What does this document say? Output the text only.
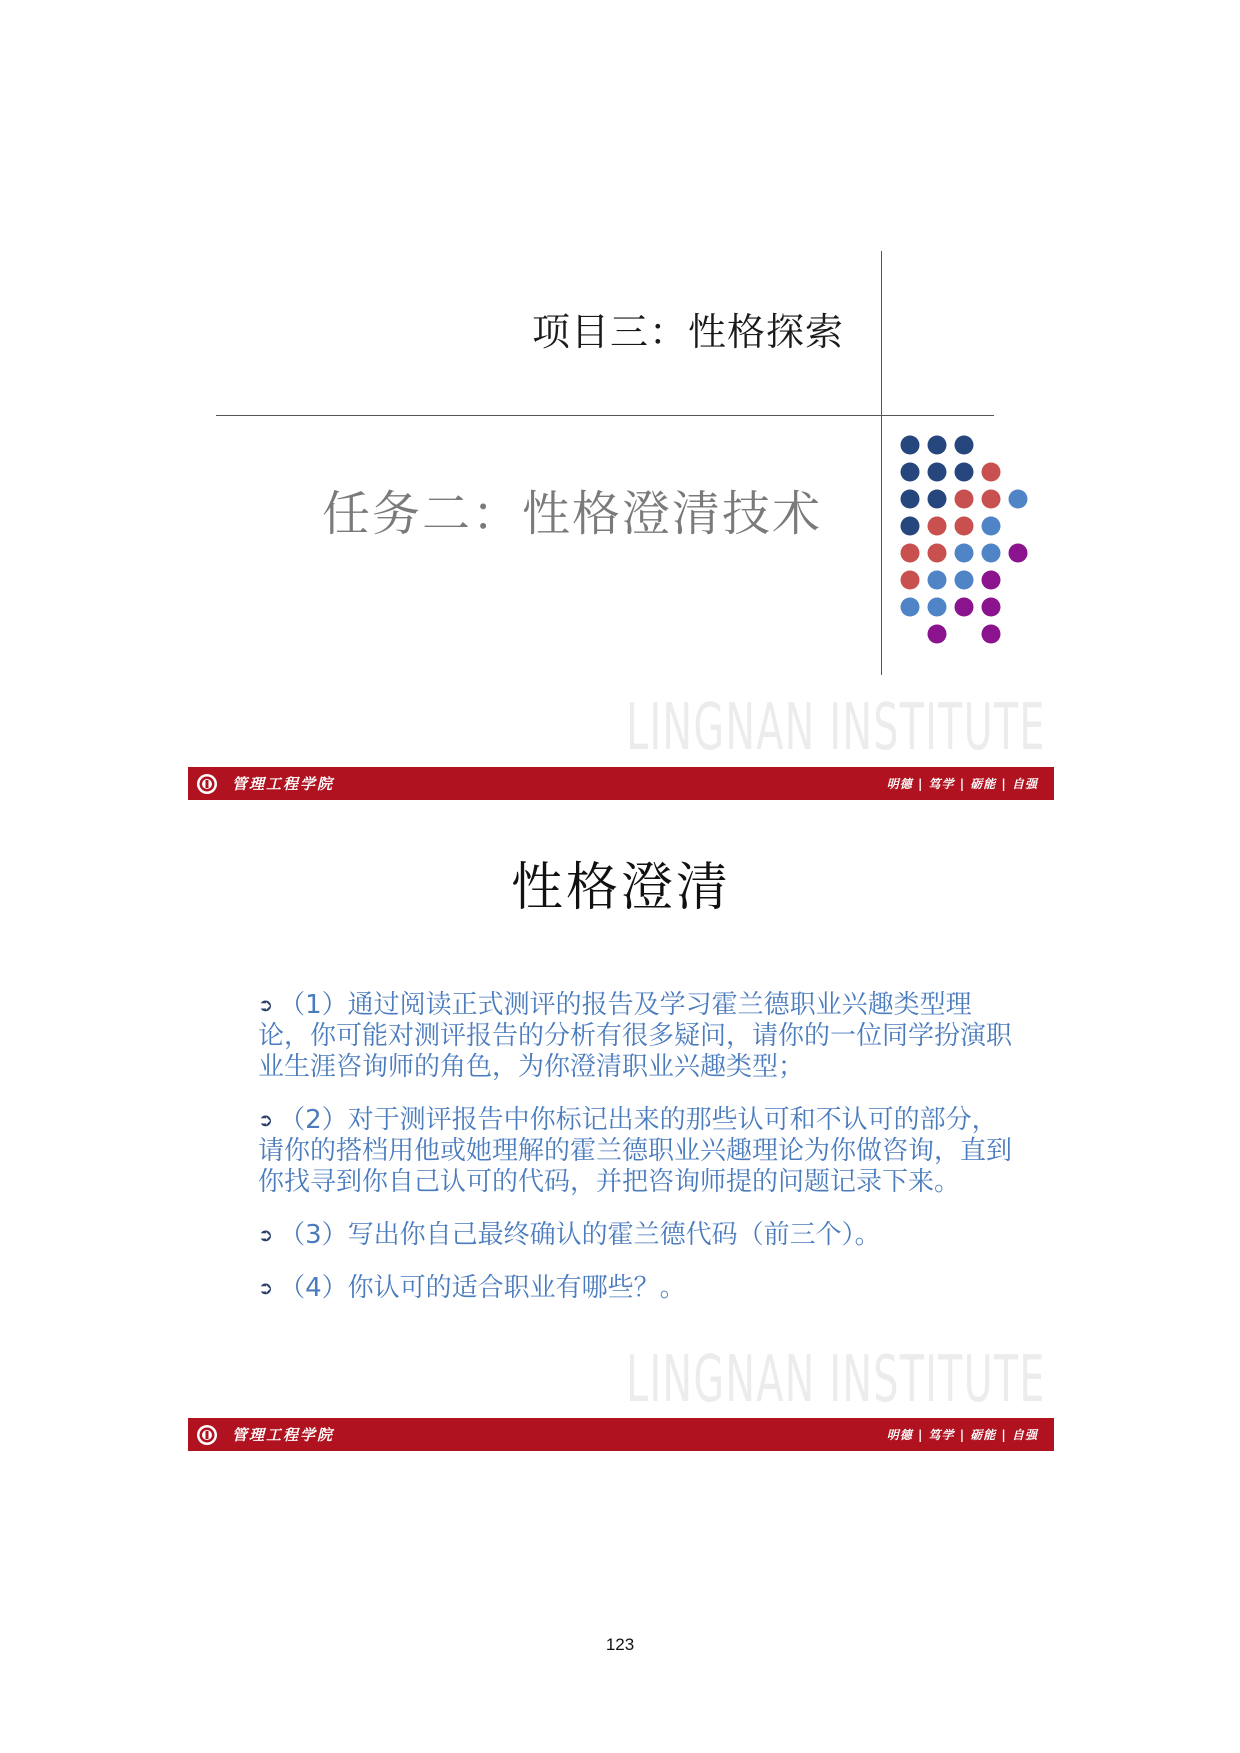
项目三：性格探索
任务二：性格澄清技术
LINGNAN INSTITUTE
管理工程学院	明德 | 笃学 | 砺能 | 自强
性格澄清
➲ （1）通过阅读正式测评的报告及学习霍兰德职业兴趣类型理论，你可能对测评报告的分析有很多疑问，请你的一位同学扮演职业生涯咨询师的角色，为你澄清职业兴趣类型；
➲ （2）对于测评报告中你标记出来的那些认可和不认可的部分，请你的搭档用他或她理解的霍兰德职业兴趣理论为你做咨询，直到你找寻到你自己认可的代码，并把咨询师提的问题记录下来。
➲ （3）写出你自己最终确认的霍兰德代码（前三个）。
➲ （4）你认可的适合职业有哪些？。
LINGNAN INSTITUTE
管理工程学院	明德 | 笃学 | 砺能 | 自强
123
